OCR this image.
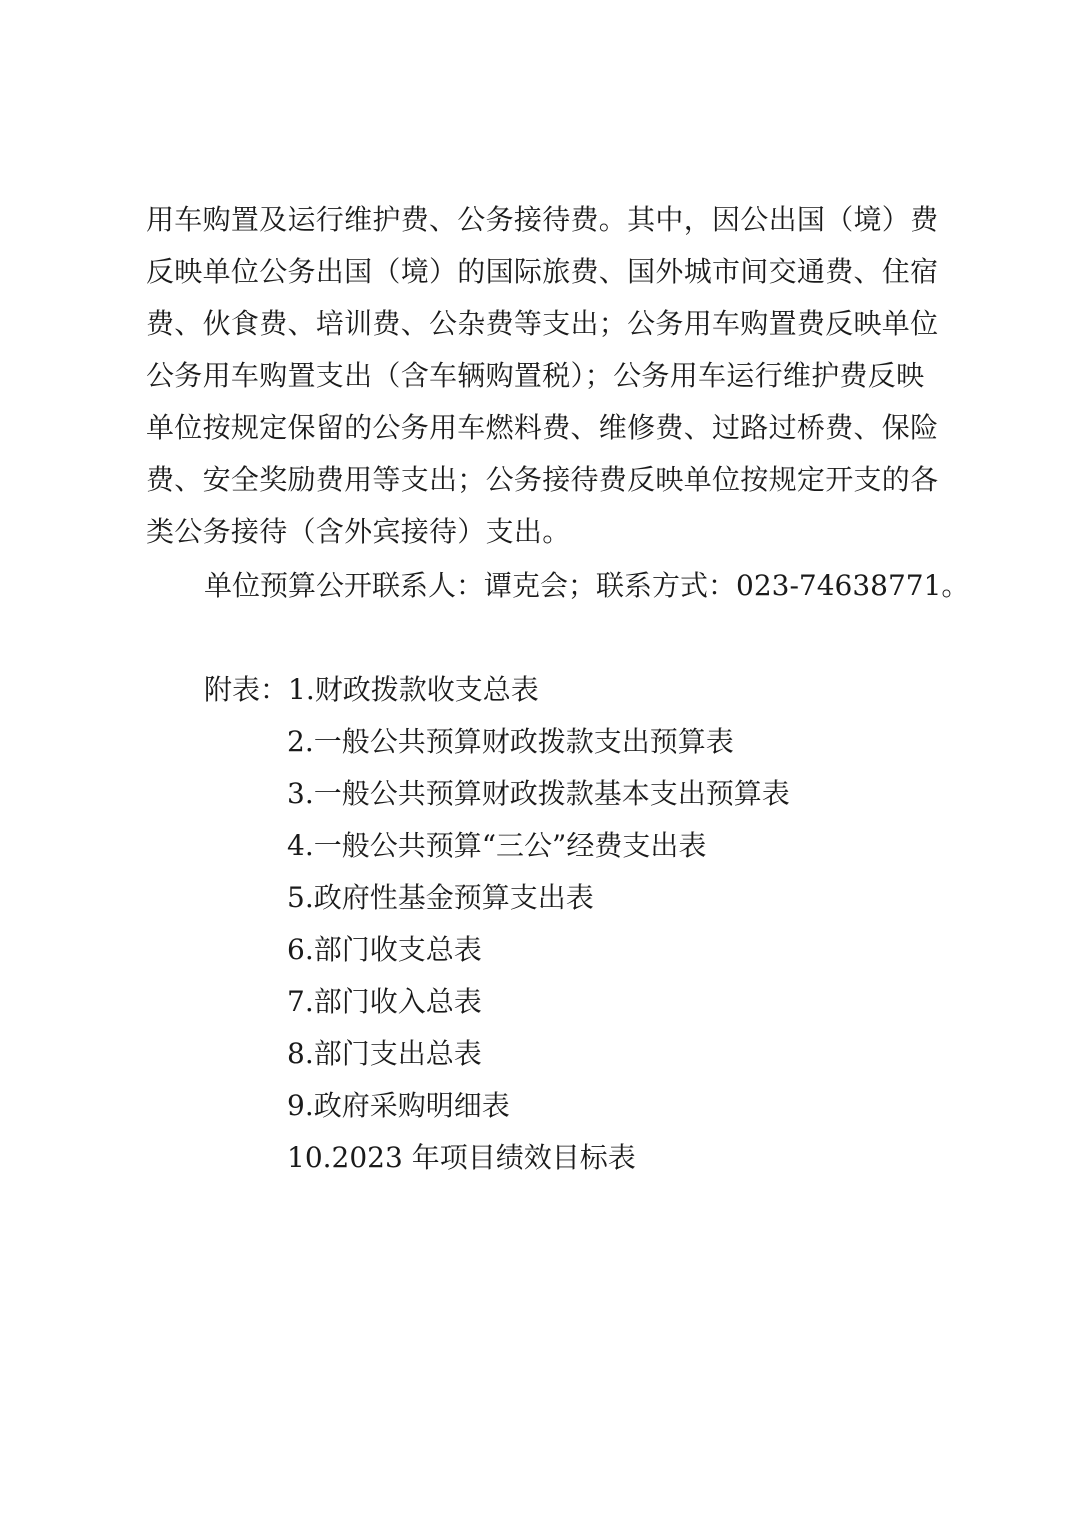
用车购置及运行维护费、公务接待费。其中，因公出国（境）费
反映单位公务出国（境）的国际旅费、国外城市间交通费、住宿
费、伙食费、培训费、公杂费等支出；公务用车购置费反映单位
公务用车购置支出（含车辆购置税）；公务用车运行维护费反映
单位按规定保留的公务用车燃料费、维修费、过路过桥费、保险
费、安全奖励费用等支出；公务接待费反映单位按规定开支的各
类公务接待（含外宾接待）支出。
单位预算公开联系人：谭克会；联系方式：023-74638771。
附表：1.财政拨款收支总表
2.一般公共预算财政拨款支出预算表
3.一般公共预算财政拨款基本支出预算表
4.一般公共预算“三公”经费支出表
5.政府性基金预算支出表
6.部门收支总表
7.部门收入总表
8.部门支出总表
9.政府采购明细表
10.2023 年项目绩效目标表
